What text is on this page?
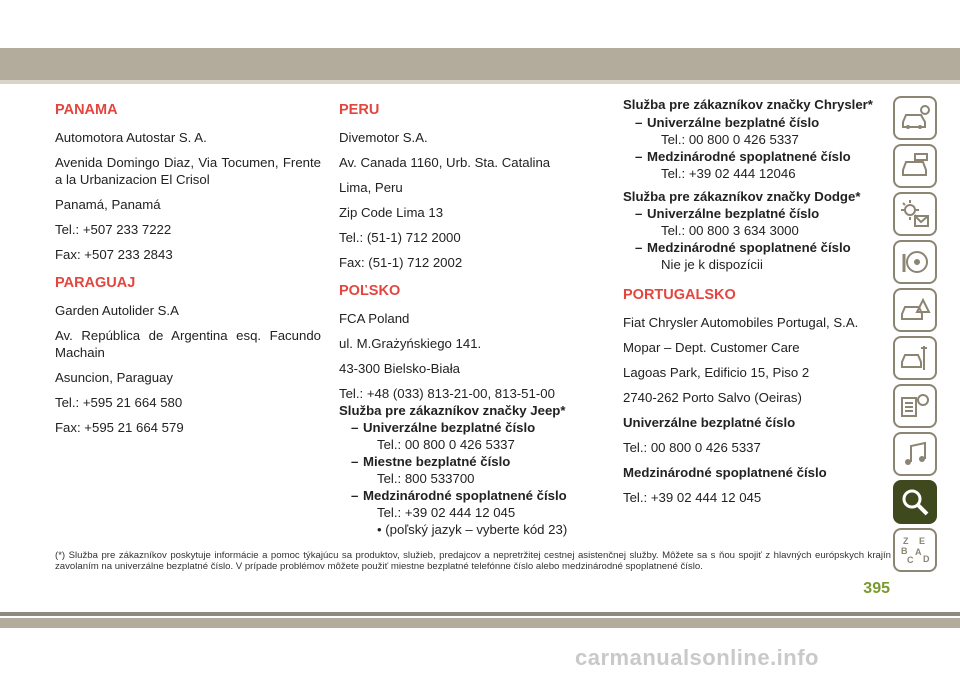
PANAMA

Automotora Autostar S. A.

Avenida Domingo Diaz, Via Tocumen, Frente a la Urbanizacion El Crisol

Panamá, Panamá

Tel.: +507 233 7222

Fax: +507 233 2843

PARAGUAJ

Garden Autolider S.A

Av. República de Argentina esq. Facundo Machain

Asuncion, Paraguay

Tel.: +595 21 664 580

Fax: +595 21 664 579

PERU

Divemotor S.A.

Av. Canada 1160, Urb. Sta. Catalina

Lima, Peru

Zip Code Lima 13

Tel.: (51-1) 712 2000

Fax: (51-1) 712 2002

POĽSKO

FCA Poland

ul. M.Grażyńskiego 141.

43-300 Bielsko-Biała

Tel.: +48 (033) 813-21-00, 813-51-00

Služba pre zákazníkov značky Jeep*

– Univerzálne bezplatné číslo

Tel.: 00 800 0 426 5337

– Miestne bezplatné číslo

Tel.: 800 533700

– Medzinárodné spoplatnené číslo

Tel.: +39 02 444 12 045

• (poľský jazyk – vyberte kód 23)

Služba pre zákazníkov značky Chrysler*

– Univerzálne bezplatné číslo

Tel.: 00 800 0 426 5337

– Medzinárodné spoplatnené číslo

Tel.: +39 02 444 12046

Služba pre zákazníkov značky Dodge*

– Univerzálne bezplatné číslo

Tel.: 00 800 3 634 3000

– Medzinárodné spoplatnené číslo

Nie je k dispozícii

PORTUGALSKO

Fiat Chrysler Automobiles Portugal, S.A.

Mopar – Dept. Customer Care

Lagoas Park, Edificio 15, Piso 2

2740-262 Porto Salvo (Oeiras)

Univerzálne bezplatné číslo

Tel.: 00 800 0 426 5337

Medzinárodné spoplatnené číslo

Tel.: +39 02 444 12 045

Z E
B A
C D
(*) Služba pre zákazníkov poskytuje informácie a pomoc týkajúcu sa produktov, služieb, predajcov a nepretržitej cestnej asistenčnej služby. Môžete sa s ňou spojiť z hlavných európskych krajín zavolaním na univerzálne bezplatné číslo. V prípade problémov môžete použiť miestne bezplatné telefónne číslo alebo medzinárodné spoplatnené číslo.
395
carmanualsonline.info
